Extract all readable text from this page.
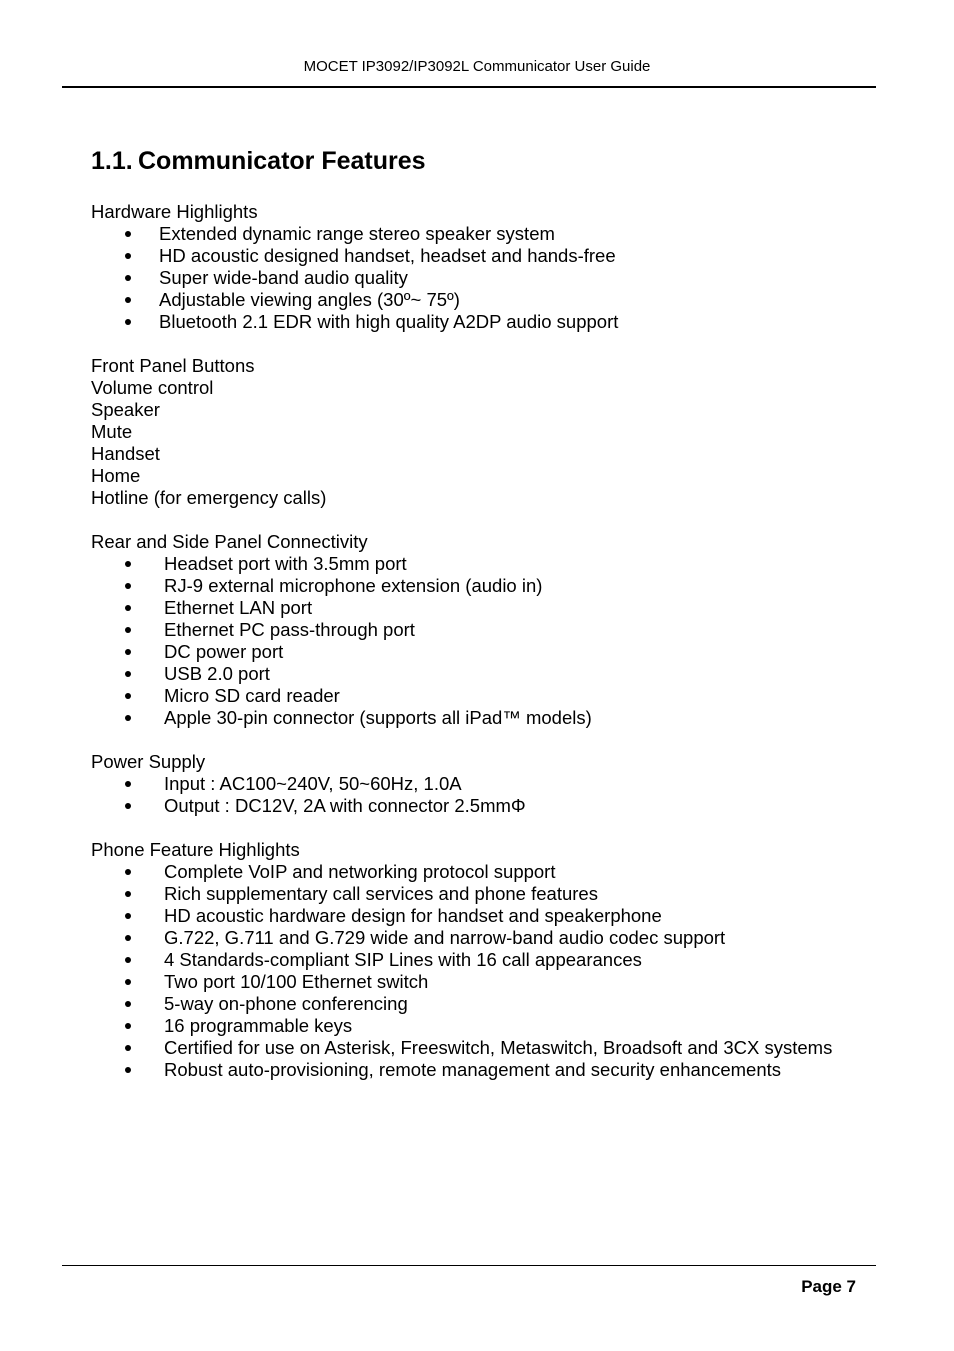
MOCET IP3092/IP3092L Communicator User Guide
1.1. Communicator Features
Hardware Highlights
Extended dynamic range stereo speaker system
HD acoustic designed handset, headset and hands-free
Super wide-band audio quality
Adjustable viewing angles (30º~ 75º)
Bluetooth 2.1 EDR with high quality A2DP audio support
Front Panel Buttons
Volume control
Speaker
Mute
Handset
Home
Hotline (for emergency calls)
Rear and Side Panel Connectivity
Headset port with 3.5mm port
RJ-9 external microphone extension (audio in)
Ethernet LAN port
Ethernet PC pass-through port
DC power port
USB 2.0 port
Micro SD card reader
Apple 30-pin connector (supports all iPad™ models)
Power Supply
Input : AC100~240V, 50~60Hz, 1.0A
Output : DC12V, 2A with connector 2.5mmΦ
Phone Feature Highlights
Complete VoIP and networking protocol support
Rich supplementary call services and phone features
HD acoustic hardware design for handset and speakerphone
G.722, G.711 and G.729 wide and narrow-band audio codec support
4 Standards-compliant SIP Lines with 16 call appearances
Two port 10/100 Ethernet switch
5-way on-phone conferencing
16 programmable keys
Certified for use on Asterisk, Freeswitch, Metaswitch, Broadsoft and 3CX systems
Robust auto-provisioning, remote management and security enhancements
Page 7
